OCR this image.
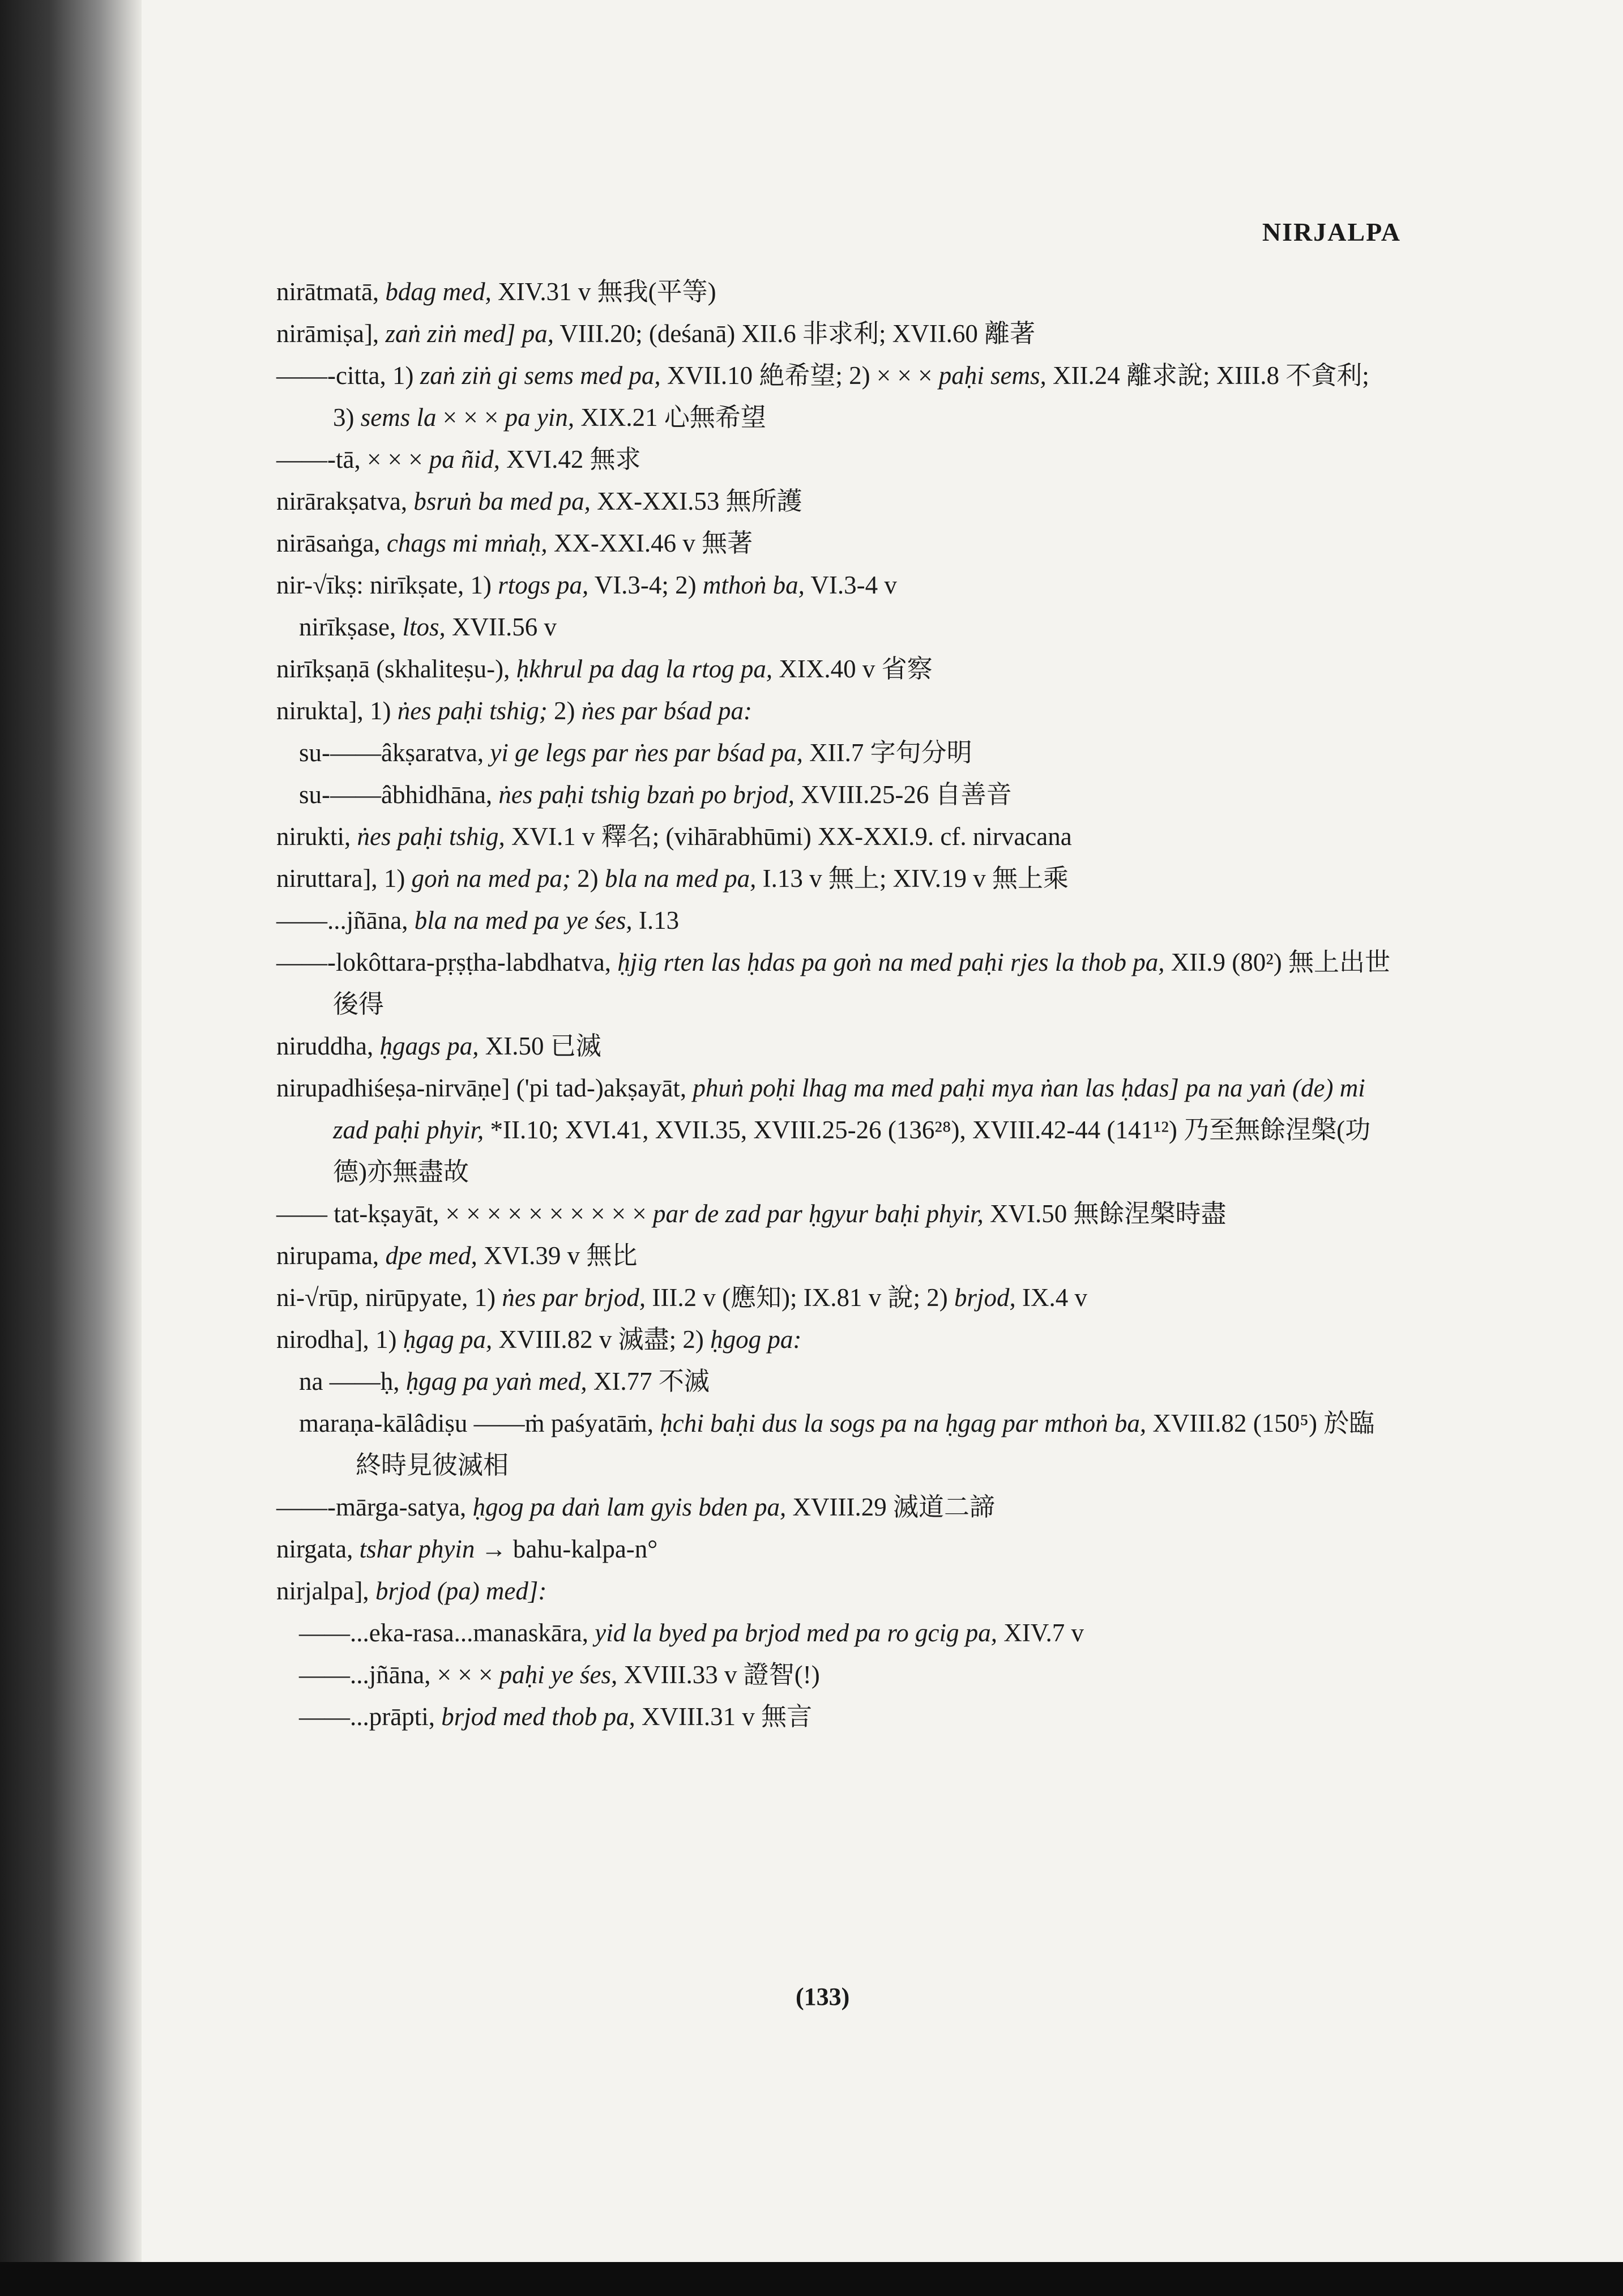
NIRJALPA
nirātmatā, bdag med, XIV.31 v 無我(平等)
nirāmiṣa], zaṅ ziṅ med] pa, VIII.20; (deśanā) XII.6 非求利; XVII.60 離著
——-citta, 1) zaṅ ziṅ gi sems med pa, XVII.10 絶希望; 2) × × × paḥi sems, XII.24 離求說; XIII.8 不貪利; 3) sems la × × × pa yin, XIX.21 心無希望
——-tā, × × × pa ñid, XVI.42 無求
nirārakṣatva, bsruṅ ba med pa, XX-XXI.53 無所護
nirāsaṅga, chags mi mṅaḥ, XX-XXI.46 v 無著
nir-√īkṣ: nirīkṣate, 1) rtogs pa, VI.3-4; 2) mthoṅ ba, VI.3-4 v
nirīkṣase, ltos, XVII.56 v
nirīkṣaṇā (skhaliteṣu-), ḥkhrul pa dag la rtog pa, XIX.40 v 省察
nirukta], 1) ṅes paḥi tshig; 2) ṅes par bśad pa:
su-——âkṣaratva, yi ge legs par ṅes par bśad pa, XII.7 字句分明
su-——âbhidhāna, ṅes paḥi tshig bzaṅ po brjod, XVIII.25-26 自善音
nirukti, ṅes paḥi tshig, XVI.1 v 釋名; (vihārabhūmi) XX-XXI.9. cf. nirvacana
niruttara], 1) goṅ na med pa; 2) bla na med pa, I.13 v 無上; XIV.19 v 無上乘
——...jñāna, bla na med pa ye śes, I.13
——-lokôttara-pṛṣṭha-labdhatva, ḥjig rten las ḥdas pa goṅ na med paḥi rjes la thob pa, XII.9 (80²) 無上出世後得
niruddha, ḥgags pa, XI.50 已滅
nirupadhiśeṣa-nirvāṇe] ('pi tad-)akṣayāt, phuṅ poḥi lhag ma med paḥi mya ṅan las ḥdas] pa na yaṅ (de) mi zad paḥi phyir, *II.10; XVI.41, XVII.35, XVIII.25-26 (136²⁸), XVIII.42-44 (141¹²) 乃至無餘涅槃(功德)亦無盡故
—— tat-kṣayāt, × × × × × × × × × × par de zad par ḥgyur baḥi phyir, XVI.50 無餘涅槃時盡
nirupama, dpe med, XVI.39 v 無比
ni-√rūp, nirūpyate, 1) ṅes par brjod, III.2 v (應知); IX.81 v 說; 2) brjod, IX.4 v
nirodha], 1) ḥgag pa, XVIII.82 v 滅盡; 2) ḥgog pa:
na ——ḥ, ḥgag pa yaṅ med, XI.77 不滅
maraṇa-kālâdiṣu ——ṁ paśyatāṁ, ḥchi baḥi dus la sogs pa na ḥgag par mthoṅ ba, XVIII.82 (150⁵) 於臨終時見彼滅相
——-mārga-satya, ḥgog pa daṅ lam gyis bden pa, XVIII.29 滅道二諦
nirgata, tshar phyin → bahu-kalpa-n°
nirjalpa], brjod (pa) med]:
——...eka-rasa...manaskāra, yid la byed pa brjod med pa ro gcig pa, XIV.7 v
——...jñāna, × × × paḥi ye śes, XVIII.33 v 證智(!)
——...prāpti, brjod med thob pa, XVIII.31 v 無言
(133)
